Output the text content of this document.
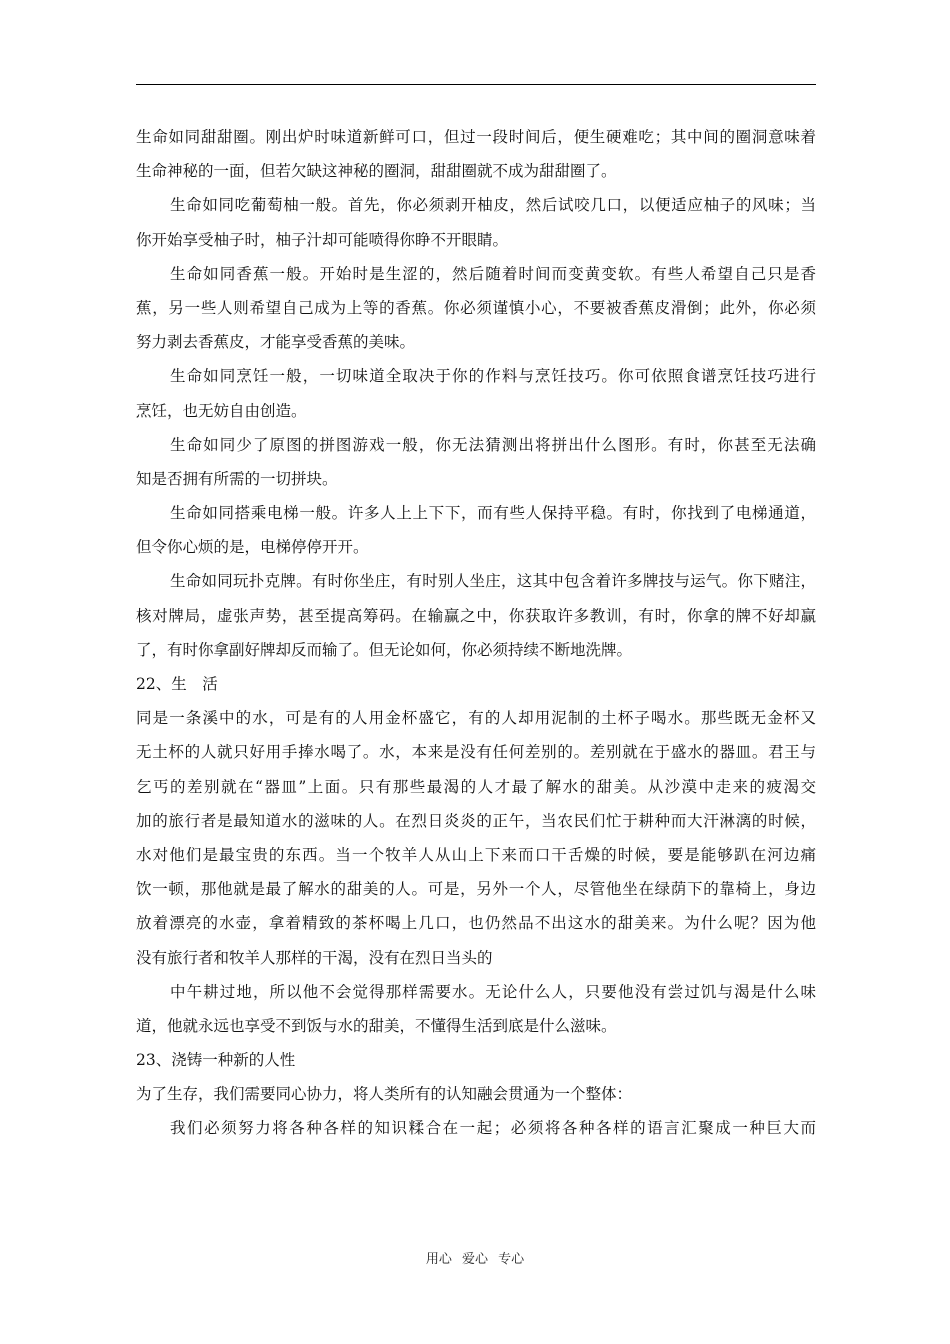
生命如同甜甜圈。刚出炉时味道新鲜可口，但过一段时间后，便生硬难吃；其中间的圈洞意味着
生命神秘的一面，但若欠缺这神秘的圈洞，甜甜圈就不成为甜甜圈了。
生命如同吃葡萄柚一般。首先，你必须剥开柚皮，然后试咬几口，以便适应柚子的风味；当
你开始享受柚子时，柚子汁却可能喷得你睁不开眼睛。
生命如同香蕉一般。开始时是生涩的，然后随着时间而变黄变软。有些人希望自己只是香
蕉，另一些人则希望自己成为上等的香蕉。你必须谨慎小心，不要被香蕉皮滑倒；此外，你必须
努力剥去香蕉皮，才能享受香蕉的美味。
生命如同烹饪一般，一切味道全取决于你的作料与烹饪技巧。你可依照食谱烹饪技巧进行
烹饪，也无妨自由创造。
生命如同少了原图的拼图游戏一般，你无法猜测出将拼出什么图形。有时，你甚至无法确
知是否拥有所需的一切拼块。
生命如同搭乘电梯一般。许多人上上下下，而有些人保持平稳。有时，你找到了电梯通道，
但令你心烦的是，电梯停停开开。
生命如同玩扑克牌。有时你坐庄，有时别人坐庄，这其中包含着许多牌技与运气。你下赌注，
核对牌局，虚张声势，甚至提高筹码。在输赢之中，你获取许多教训，有时，你拿的牌不好却赢
了，有时你拿副好牌却反而输了。但无论如何，你必须持续不断地洗牌。
22、生　活
同是一条溪中的水，可是有的人用金杯盛它，有的人却用泥制的土杯子喝水。那些既无金杯又
无土杯的人就只好用手捧水喝了。水，本来是没有任何差别的。差别就在于盛水的器皿。君王与
乞丐的差别就在“器皿”上面。只有那些最渴的人才最了解水的甜美。从沙漠中走来的疲渴交
加的旅行者是最知道水的滋味的人。在烈日炎炎的正午，当农民们忙于耕种而大汗淋漓的时候，
水对他们是最宝贵的东西。当一个牧羊人从山上下来而口干舌燥的时候，要是能够趴在河边痛
饮一顿，那他就是最了解水的甜美的人。可是，另外一个人，尽管他坐在绿荫下的靠椅上，身边
放着漂亮的水壶，拿着精致的茶杯喝上几口，也仍然品不出这水的甜美来。为什么呢？因为他
没有旅行者和牧羊人那样的干渴，没有在烈日当头的
中午耕过地，所以他不会觉得那样需要水。无论什么人，只要他没有尝过饥与渴是什么味
道，他就永远也享受不到饭与水的甜美，不懂得生活到底是什么滋味。
23、浇铸一种新的人性
为了生存，我们需要同心协力，将人类所有的认知融会贯通为一个整体：
我们必须努力将各种各样的知识糅合在一起；必须将各种各样的语言汇聚成一种巨大而
用心 爱心 专心
